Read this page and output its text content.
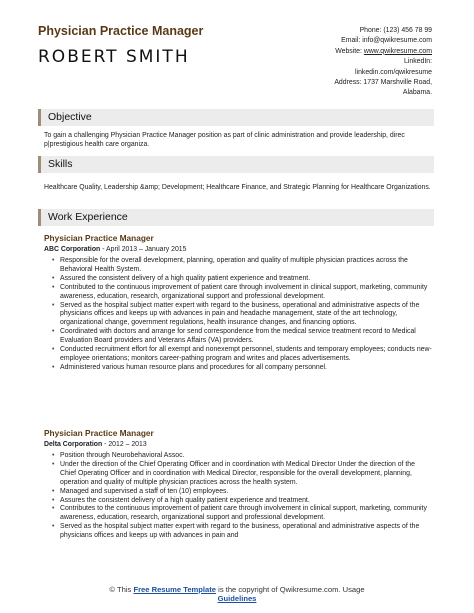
Physician Practice Manager
ROBERT SMITH
Phone: (123) 456 78 99
Email: info@qwikresume.com
Website: www.qwikresume.com
LinkedIn:
linkedin.com/qwikresume
Address: 1737 Marshville Road,
Alabama.
Objective
To gain a challenging Physician Practice Manager position as part of clinic administration and provide leadership, direc p|prestigious health care organiza.
Skills
Healthcare Quality, Leadership &amp; Development; Healthcare Finance, and Strategic Planning for Healthcare Organizations.
Work Experience
Physician Practice Manager
ABC Corporation - April 2013 – January 2015
• Responsible for the overall development, planning, operation and quality of multiple physician practices across the Behavioral Health System.
• Assured the consistent delivery of a high quality patient experience and treatment.
• Contributed to the continuous improvement of patient care through involvement in clinical support, marketing, community awareness, education, research, organizational support and professional development.
• Served as the hospital subject matter expert with regard to the business, operational and administrative aspects of the physicians offices and keeps up with advances in pain and headache management, state of the art technology, organizational change, government regulations, health insurance changes, and financing options.
• Coordinated with doctors and arrange for send correspondence from the medical service treatment record to Medical Evaluation Board providers and Veterans Affairs (VA) providers.
• Conducted recruitment effort for all exempt and nonexempt personnel, students and temporary employees; conducts new-employee orientations; monitors career-pathing program and writes and places advertisements.
• Administered various human resource plans and procedures for all company personnel.
Physician Practice Manager
Delta Corporation - 2012 – 2013
• Position through Neurobehavioral Assoc.
• Under the direction of the Chief Operating Officer and in coordination with Medical Director Under the direction of the Chief Operating Officer and in coordination with Medical Director, responsible for the overall development, planning, operation and quality of multiple physician practices across the health system.
• Managed and supervised a staff of ten (10) employees.
• Assures the consistent delivery of a high quality patient experience and treatment.
• Contributes to the continuous improvement of patient care through involvement in clinical support, marketing, community awareness, education, research, organizational support and professional development.
• Served as the hospital subject matter expert with regard to the business, operational and administrative aspects of the physicians offices and keeps up with advances in pain and
© This Free Resume Template is the copyright of Qwikresume.com. Usage
Guidelines
